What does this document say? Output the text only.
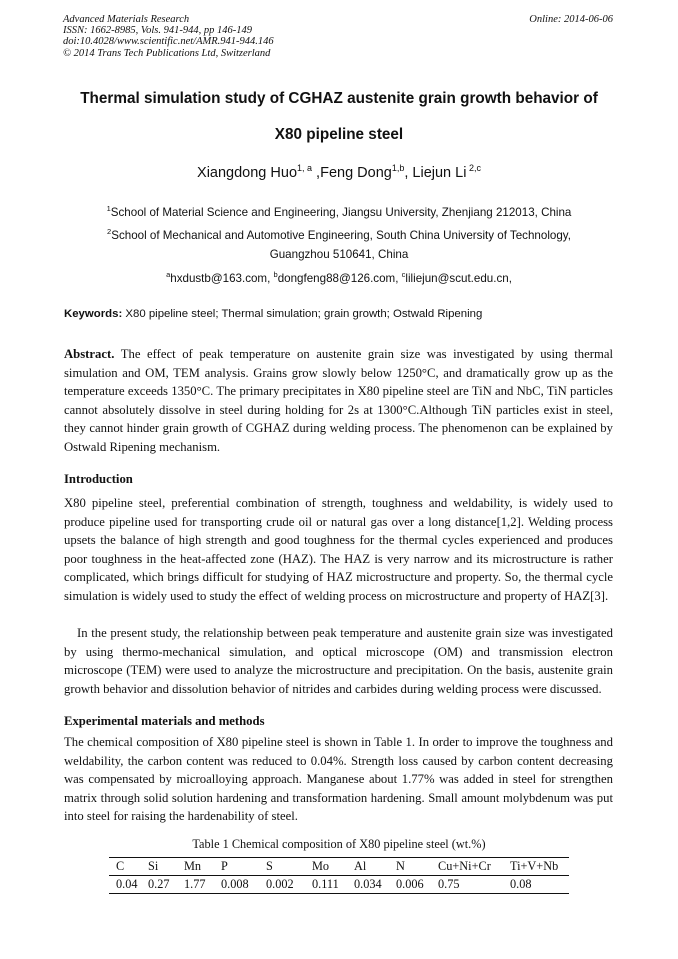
Advanced Materials Research
ISSN: 1662-8985, Vols. 941-944, pp 146-149
doi:10.4028/www.scientific.net/AMR.941-944.146
© 2014 Trans Tech Publications Ltd, Switzerland
Online: 2014-06-06
Thermal simulation study of CGHAZ austenite grain growth behavior of
X80 pipeline steel
Xiangdong Huo$^{1, a}$ ,Feng Dong$^{1,b}$, Liejun Li $^{2,c}$
$^1$School of Material Science and Engineering, Jiangsu University, Zhenjiang 212013, China
$^2$School of Mechanical and Automotive Engineering, South China University of Technology,
Guangzhou 510641, China
$^a$hxdustb@163.com, $^b$dongfeng88@126.com, $^c$liliejun@scut.edu.cn,
Keywords: X80 pipeline steel; Thermal simulation; grain growth; Ostwald Ripening
Abstract. The effect of peak temperature on austenite grain size was investigated by using thermal simulation and OM, TEM analysis. Grains grow slowly below 1250°C, and dramatically grow up as the temperature exceeds 1350°C. The primary precipitates in X80 pipeline steel are TiN and NbC, TiN particles cannot absolutely dissolve in steel during holding for 2s at 1300°C.Although TiN particles exist in steel, they cannot hinder grain growth of CGHAZ during welding process. The phenomenon can be explained by Ostwald Ripening mechanism.
Introduction
X80 pipeline steel, preferential combination of strength, toughness and weldability, is widely used to produce pipeline used for transporting crude oil or natural gas over a long distance[1,2]. Welding process upsets the balance of high strength and good toughness for the thermal cycles experienced and produces poor toughness in the heat-affected zone (HAZ). The HAZ is very narrow and its microstructure is rather complicated, which brings difficult for studying of HAZ microstructure and property. So, the thermal cycle simulation is widely used to study the effect of welding process on microstructure and property of HAZ[3].
In the present study, the relationship between peak temperature and austenite grain size was investigated by using thermo-mechanical simulation, and optical microscope (OM) and transmission electron microscope (TEM) were used to analyze the microstructure and precipitation. On the basis, austenite grain growth behavior and dissolution behavior of nitrides and carbides during welding process were discussed.
Experimental materials and methods
The chemical composition of X80 pipeline steel is shown in Table 1. In order to improve the toughness and weldability, the carbon content was reduced to 0.04%. Strength loss caused by carbon content decreasing was compensated by microalloying approach. Manganese about 1.77% was added in steel for strengthen matrix through solid solution hardening and transformation hardening. Small amount molybdenum was put into steel for raising the hardenability of steel.
Table 1 Chemical composition of X80 pipeline steel (wt.%)
C	Si	Mn	P	S	Mo	Al	N	Cu+Ni+Cr	Ti+V+Nb
0.04	0.27	1.77	0.008	0.002	0.111	0.034	0.006	0.75	0.08
